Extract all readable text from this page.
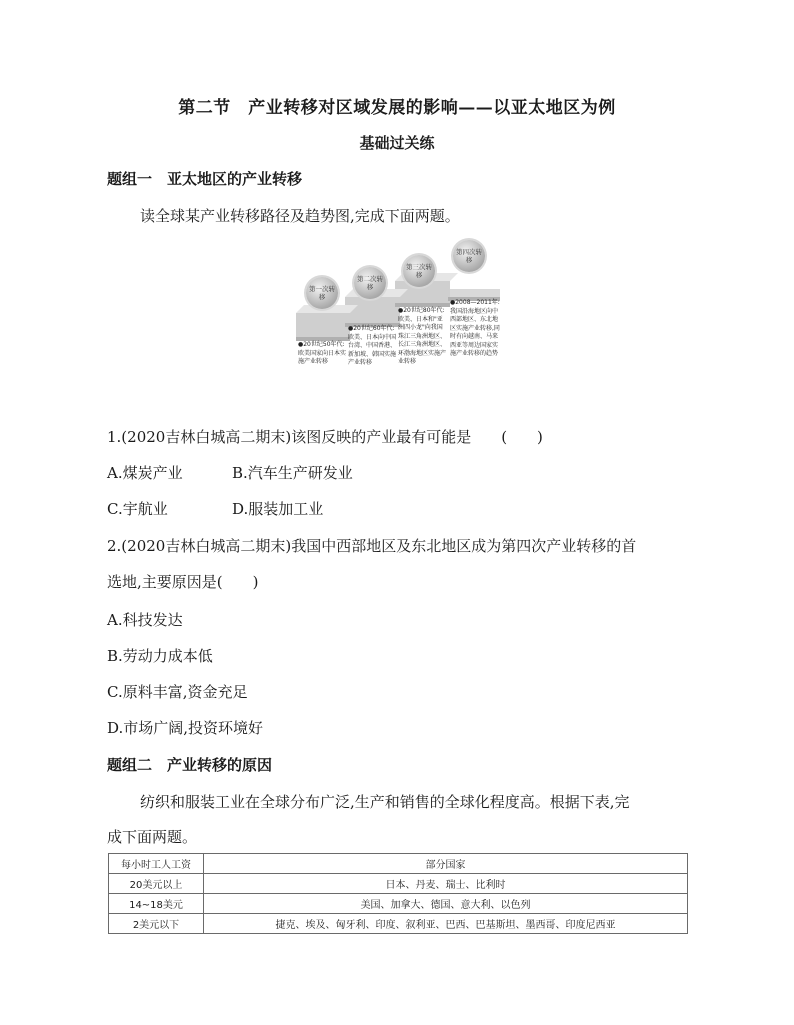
第二节　产业转移对区域发展的影响——以亚太地区为例
基础过关练
题组一　亚太地区的产业转移
读全球某产业转移路径及趋势图,完成下面两题。
第一次转移
第二次转移
第三次转移
第四次转移
●20世纪50年代:欧美国家向日本实施产业转移
●20世纪60年代:欧美、日本向中国台湾、中国香港、新加坡、韩国实施产业转移
●20世纪80年代:欧美、日本和"亚洲四小龙"向我国珠江三角洲地区、长江三角洲地区、环渤海地区实施产业转移
●2008—2011年:我国沿海地区向中西部地区、东北地区实施产业转移,同时有向越南、马来西亚等周边国家实施产业转移的趋势
1.(2020吉林白城高二期末)该图反映的产业最有可能是　　(　　)
A.煤炭产业	B.汽车生产研发业
C.宇航业	D.服装加工业
2.(2020吉林白城高二期末)我国中西部地区及东北地区成为第四次产业转移的首
选地,主要原因是(　　)
A.科技发达
B.劳动力成本低
C.原料丰富,资金充足
D.市场广阔,投资环境好
题组二　产业转移的原因
纺织和服装工业在全球分布广泛,生产和销售的全球化程度高。根据下表,完
成下面两题。
每小时工人工资	部分国家
20美元以上	日本、丹麦、瑞士、比利时
14~18美元	美国、加拿大、德国、意大利、以色列
2美元以下	捷克、埃及、匈牙利、印度、叙利亚、巴西、巴基斯坦、墨西哥、印度尼西亚
